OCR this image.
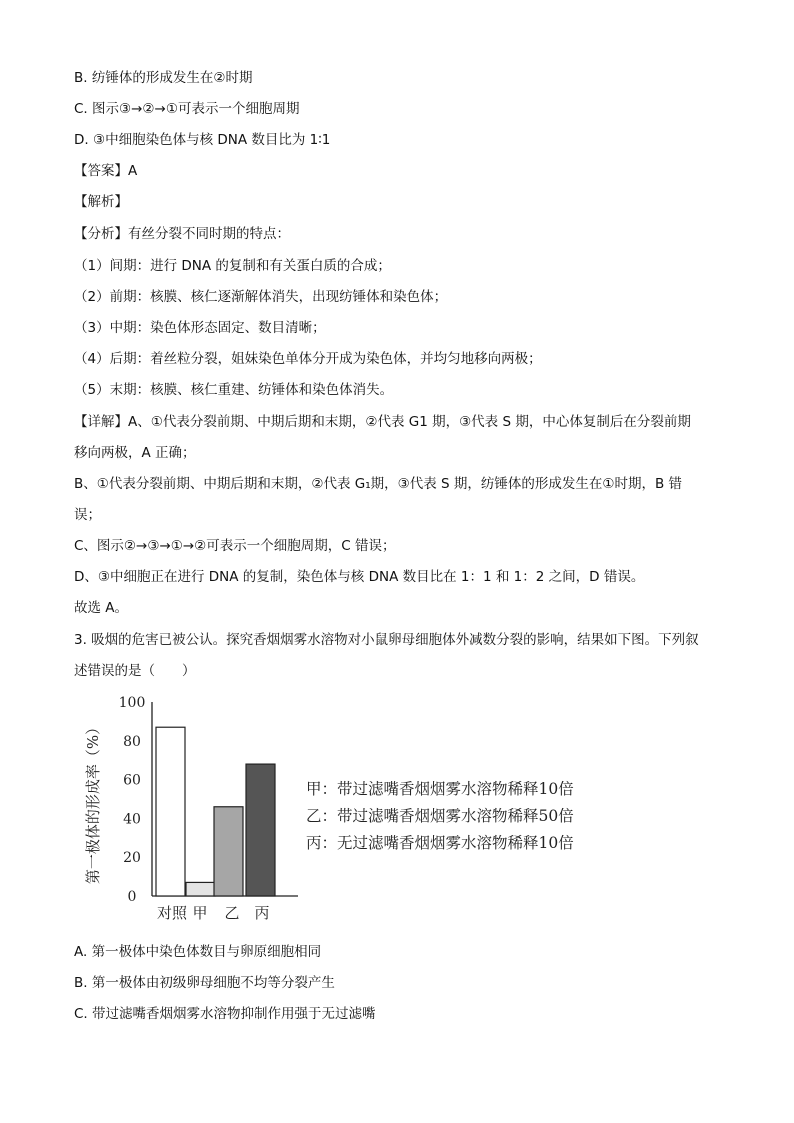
B. 纺锤体的形成发生在②时期
C. 图示③→②→①可表示一个细胞周期
D. ③中细胞染色体与核 DNA 数目比为 1∶1
【答案】A
【解析】
【分析】有丝分裂不同时期的特点：
（1）间期：进行 DNA 的复制和有关蛋白质的合成；
（2）前期：核膜、核仁逐渐解体消失，出现纺锤体和染色体；
（3）中期：染色体形态固定、数目清晰；
（4）后期：着丝粒分裂，姐妹染色单体分开成为染色体，并均匀地移向两极；
（5）末期：核膜、核仁重建、纺锤体和染色体消失。
【详解】A、①代表分裂前期、中期后期和末期，②代表 G1 期，③代表 S 期，中心体复制后在分裂前期
移向两极，A 正确；
B、①代表分裂前期、中期后期和末期，②代表 G₁期，③代表 S 期，纺锤体的形成发生在①时期，B 错
误；
C、图示②→③→①→②可表示一个细胞周期，C 错误；
D、③中细胞正在进行 DNA 的复制，染色体与核 DNA 数目比在 1：1 和 1：2 之间，D 错误。
故选 A。
3. 吸烟的危害已被公认。探究香烟烟雾水溶物对小鼠卵母细胞体外减数分裂的影响，结果如下图。下列叙
述错误的是（　　）
第一极体的形成率（%）
0
20
40
60
80
100
对照 甲 乙 丙
甲：带过滤嘴香烟烟雾水溶物稀释10倍
乙：带过滤嘴香烟烟雾水溶物稀释50倍
丙：无过滤嘴香烟烟雾水溶物稀释10倍
A. 第一极体中染色体数目与卵原细胞相同
B. 第一极体由初级卵母细胞不均等分裂产生
C. 带过滤嘴香烟烟雾水溶物抑制作用强于无过滤嘴
